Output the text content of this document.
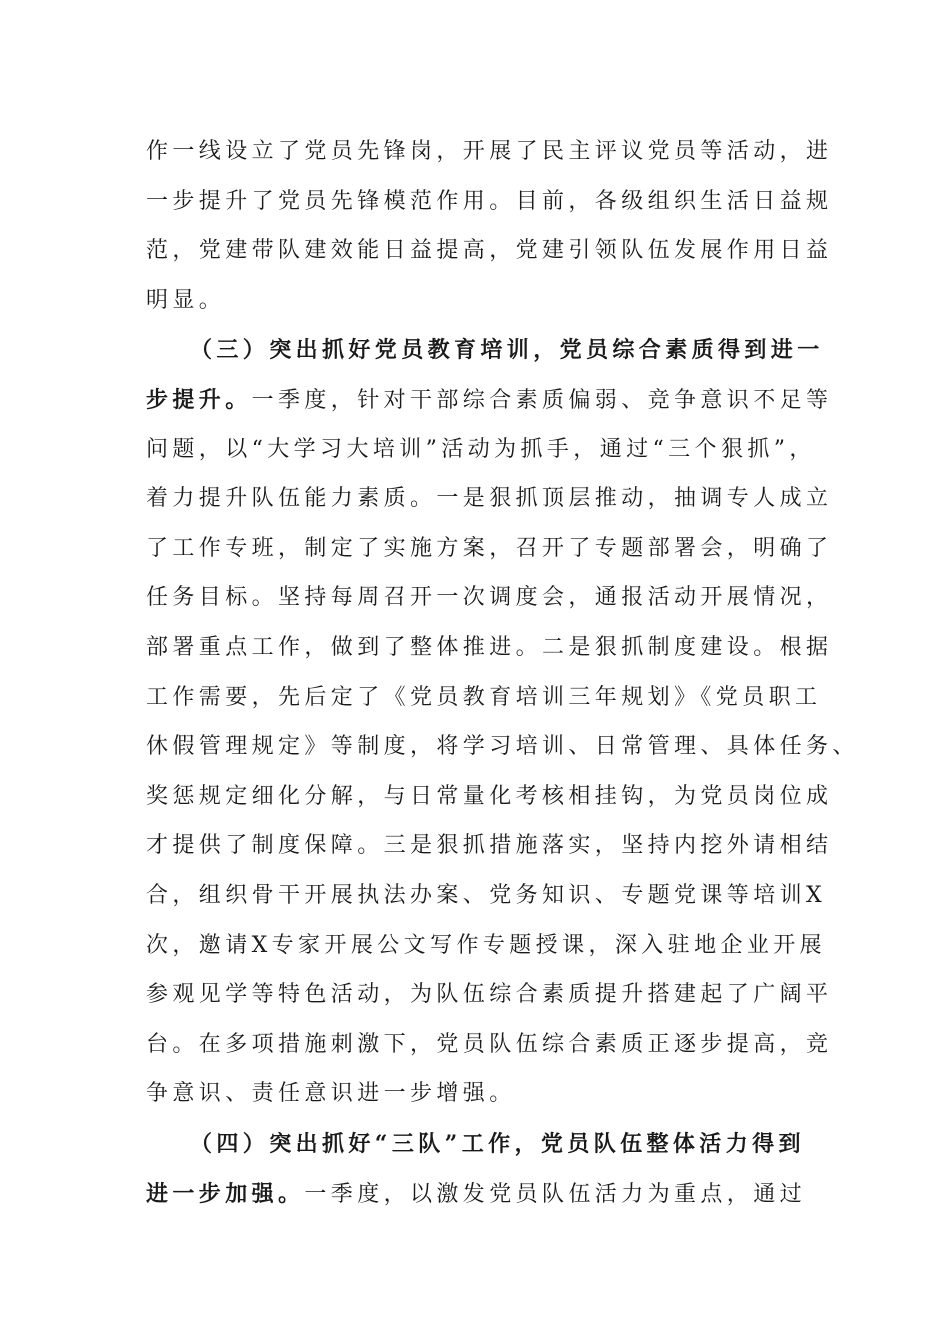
作一线设立了党员先锋岗，开展了民主评议党员等活动，进
一步提升了党员先锋模范作用。目前，各级组织生活日益规
范，党建带队建效能日益提高，党建引领队伍发展作用日益
明显。
（三）突出抓好党员教育培训，党员综合素质得到进一
步提升。一季度，针对干部综合素质偏弱、竞争意识不足等
问题，以“大学习大培训”活动为抓手，通过“三个狠抓”，
着力提升队伍能力素质。一是狠抓顶层推动，抽调专人成立
了工作专班，制定了实施方案，召开了专题部署会，明确了
任务目标。坚持每周召开一次调度会，通报活动开展情况，
部署重点工作，做到了整体推进。二是狠抓制度建设。根据
工作需要，先后定了《党员教育培训三年规划》《党员职工
休假管理规定》等制度，将学习培训、日常管理、具体任务、
奖惩规定细化分解，与日常量化考核相挂钩，为党员岗位成
才提供了制度保障。三是狠抓措施落实，坚持内挖外请相结
合，组织骨干开展执法办案、党务知识、专题党课等培训X
次，邀请X专家开展公文写作专题授课，深入驻地企业开展
参观见学等特色活动，为队伍综合素质提升搭建起了广阔平
台。在多项措施刺激下，党员队伍综合素质正逐步提高，竞
争意识、责任意识进一步增强。
（四）突出抓好“三队”工作，党员队伍整体活力得到
进一步加强。一季度，以激发党员队伍活力为重点，通过
